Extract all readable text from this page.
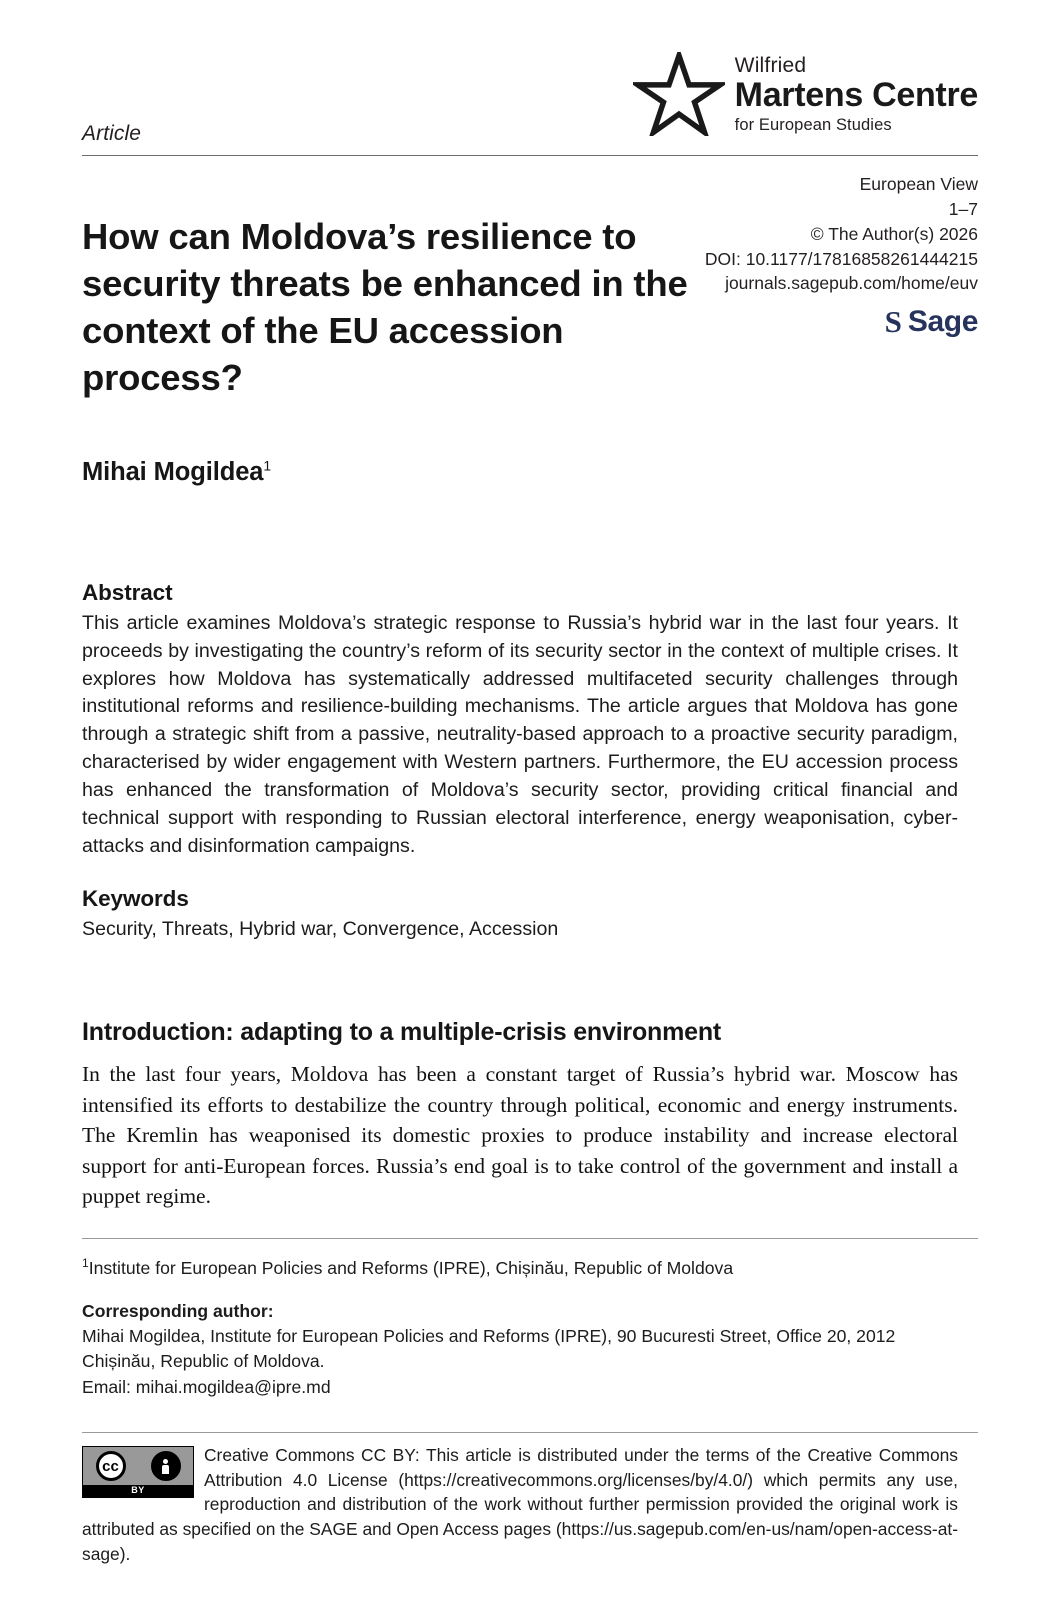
Article
Wilfried
Martens Centre
for European Studies
How can Moldova’s resilience to security threats be enhanced in the context of the EU accession process?
European View
1–7
© The Author(s) 2026
DOI: 10.1177/17816858261444215
journals.sagepub.com/home/euv
S Sage
Mihai Mogildea$^1$
Abstract

This article examines Moldova’s strategic response to Russia’s hybrid war in the last four years. It proceeds by investigating the country’s reform of its security sector in the context of multiple crises. It explores how Moldova has systematically addressed multifaceted security challenges through institutional reforms and resilience-building mechanisms. The article argues that Moldova has gone through a strategic shift from a passive, neutrality-based approach to a proactive security paradigm, characterised by wider engagement with Western partners. Furthermore, the EU accession process has enhanced the transformation of Moldova’s security sector, providing critical financial and technical support with responding to Russian electoral interference, energy weaponisation, cyber-attacks and disinformation campaigns.

Keywords

Security, Threats, Hybrid war, Convergence, Accession

Introduction: adapting to a multiple-crisis environment

In the last four years, Moldova has been a constant target of Russia’s hybrid war. Moscow has intensified its efforts to destabilize the country through political, economic and energy instruments. The Kremlin has weaponised its domestic proxies to produce instability and increase electoral support for anti-European forces. Russia’s end goal is to take control of the government and install a puppet regime.

$^1$Institute for European Policies and Reforms (IPRE), Chișinău, Republic of Moldova
Corresponding author:
Mihai Mogildea, Institute for European Policies and Reforms (IPRE), 90 Bucuresti Street, Office 20, 2012
Chișinău, Republic of Moldova.
Email: mihai.mogildea@ipre.md
cc
BY

Creative Commons CC BY: This article is distributed under the terms of the Creative Commons Attribution 4.0 License (https://creativecommons.org/licenses/by/4.0/) which permits any use, reproduction and distribution of the work without further permission provided the original work is attributed as specified on the SAGE and Open Access pages (https://us.sagepub.com/en-us/nam/open-access-at-sage).
